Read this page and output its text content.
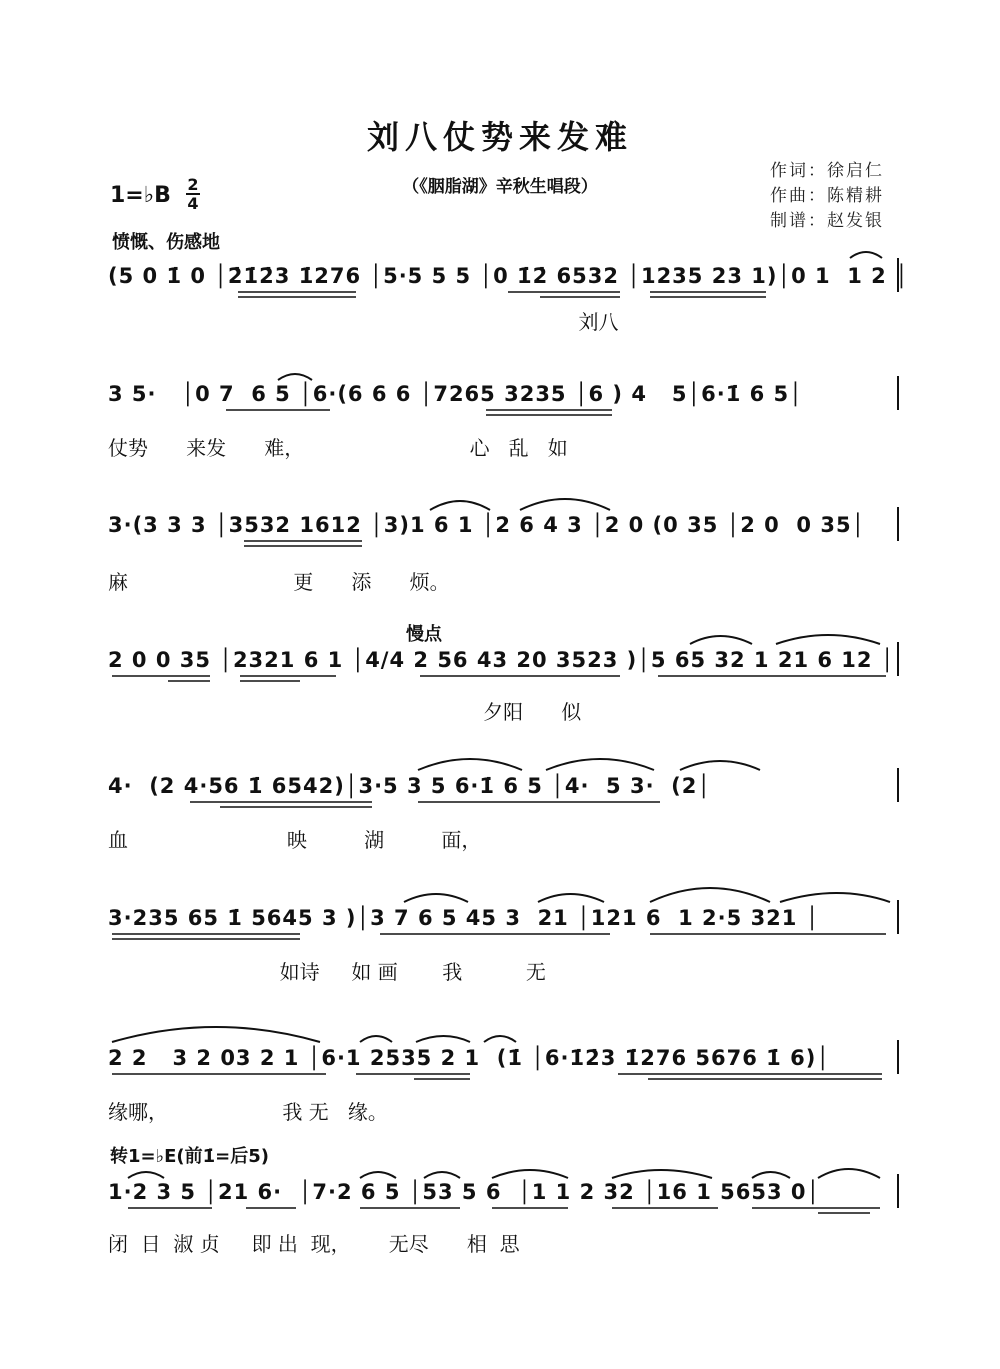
刘八仗势来发难
（《胭脂湖》辛秋生唱段）
作词：徐启仁
作曲：陈精耕
制谱：赵发银
1=♭B 2
4
愤慨、伤感地
慢点
转1=♭E(前1̇=后5)
(5 0 1̇ 0 │2̇1̇2̇3 1̇276 │5·5 5 5 │0 1̇2̇ 6532 │1235 23 1)│0 1  1 2 │
刘八
3 5·   │0 7  6 5 │6·(6 6 6 │7265 3235 │6 ) 4   5│6·1̇ 6 5│
仗势      来发      难，                          心   乱   如
3·(3 3 3 │3532 1612 │3)1 6 1 │2 6 4 3 │2 0 (0 35 │2 0  0 35│
麻                          更      添      烦。
2 0 0 35 │2321 6 1 │4/4 2 56 43 20 3523 )│5 65 32 1 21 6 12 │
夕阳      似
4·  (2 4·56 1̇ 6542)│3·5 3 5 6·1̇ 6 5 │4·  5 3·  (2│
血                         映         湖         面，
3·235 65 1̇ 5645 3 )│3 7 6 5 45 3  21 │121 6  1 2·5 321 │
如诗     如 画       我          无
2 2   3 2 03 2 1 │6·1 2535 2 1  (1̇ │6·1̇2̇3 1̇276 5676 1̇ 6)│
缘哪，                  我 无   缘。
1·2 3 5 │21 6·  │7·2 6 5 │53 5 6  │1 1 2 32 │16 1 5653 0│
闭  日  淑 贞     即 出  现，      无尽      相  思
